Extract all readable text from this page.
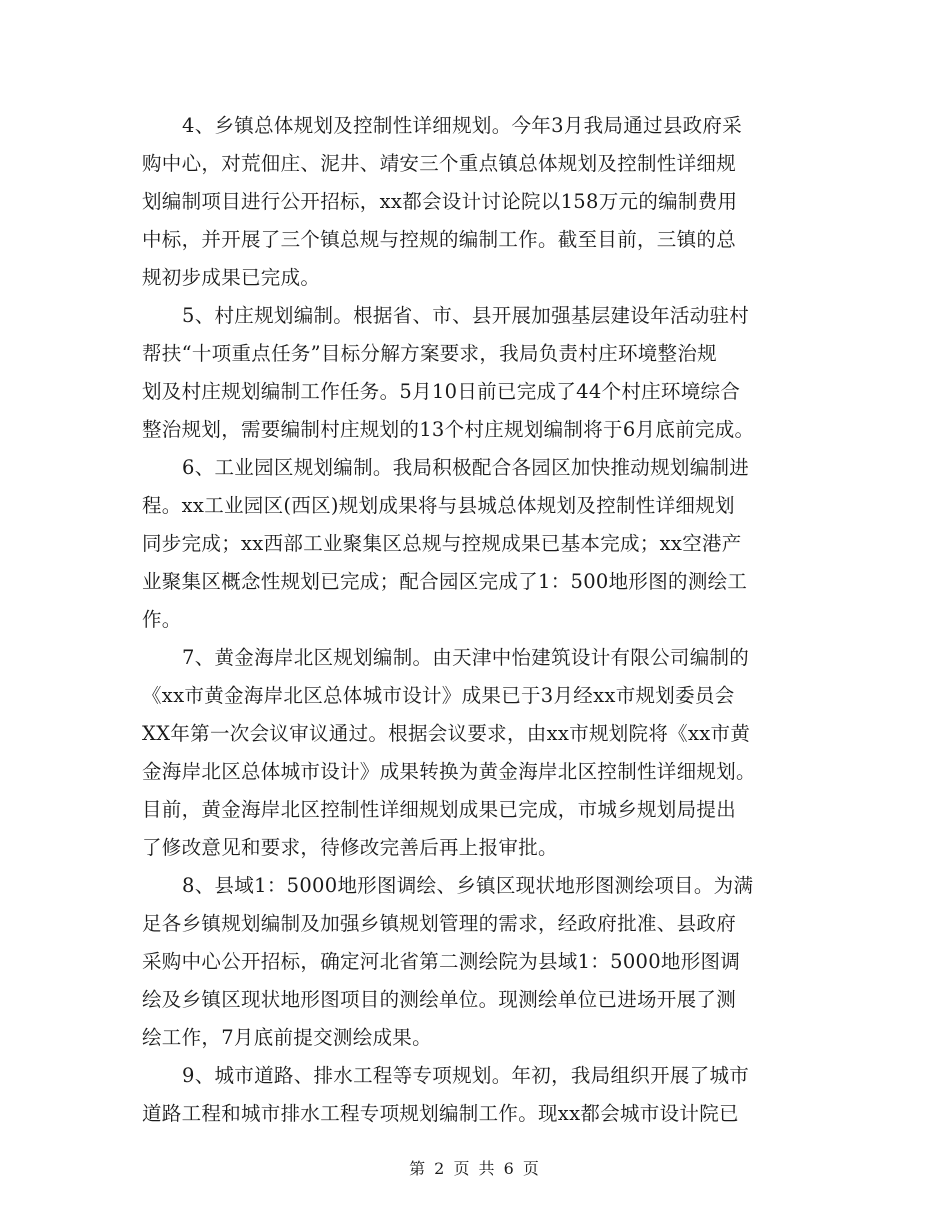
4、乡镇总体规划及控制性详细规划。今年3月我局通过县政府采
购中心，对荒佃庄、泥井、靖安三个重点镇总体规划及控制性详细规
划编制项目进行公开招标，xx都会设计讨论院以158万元的编制费用
中标，并开展了三个镇总规与控规的编制工作。截至目前，三镇的总
规初步成果已完成。
5、村庄规划编制。根据省、市、县开展加强基层建设年活动驻村
帮扶“十项重点任务”目标分解方案要求，我局负责村庄环境整治规
划及村庄规划编制工作任务。5月10日前已完成了44个村庄环境综合
整治规划，需要编制村庄规划的13个村庄规划编制将于6月底前完成。
6、工业园区规划编制。我局积极配合各园区加快推动规划编制进
程。xx工业园区(西区)规划成果将与县城总体规划及控制性详细规划
同步完成；xx西部工业聚集区总规与控规成果已基本完成；xx空港产
业聚集区概念性规划已完成；配合园区完成了1：500地形图的测绘工
作。
7、黄金海岸北区规划编制。由天津中怡建筑设计有限公司编制的
《xx市黄金海岸北区总体城市设计》成果已于3月经xx市规划委员会
XX年第一次会议审议通过。根据会议要求，由xx市规划院将《xx市黄
金海岸北区总体城市设计》成果转换为黄金海岸北区控制性详细规划。
目前，黄金海岸北区控制性详细规划成果已完成，市城乡规划局提出
了修改意见和要求，待修改完善后再上报审批。
8、县域1：5000地形图调绘、乡镇区现状地形图测绘项目。为满
足各乡镇规划编制及加强乡镇规划管理的需求，经政府批准、县政府
采购中心公开招标，确定河北省第二测绘院为县域1：5000地形图调
绘及乡镇区现状地形图项目的测绘单位。现测绘单位已进场开展了测
绘工作，7月底前提交测绘成果。
9、城市道路、排水工程等专项规划。年初，我局组织开展了城市
道路工程和城市排水工程专项规划编制工作。现xx都会城市设计院已
第 2 页 共 6 页
